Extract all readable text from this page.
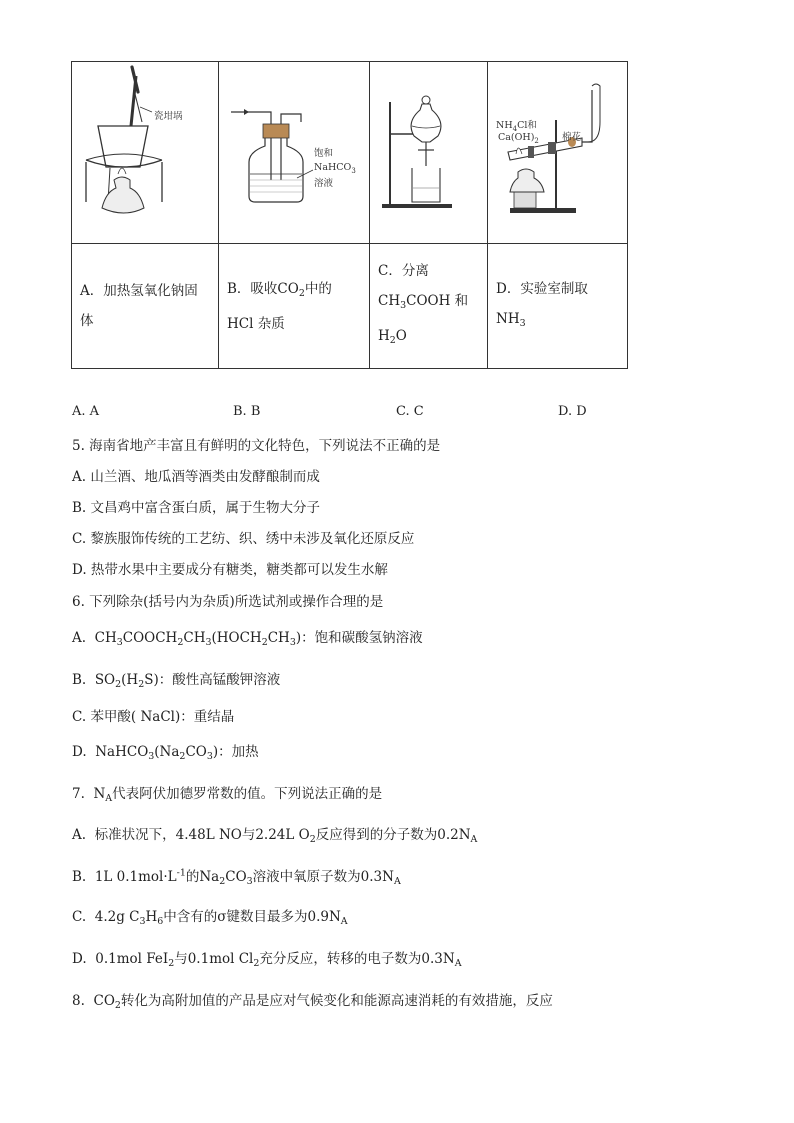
瓷坩埚	饱和
NaHCO$_3$
溶液		$NH_4Cl$和
$Ca(OH)_2$ 棉花

A．加热氢氧化钠固
体	B．吸收$CO_2$中的
HCl 杂质	C．分离
$CH_3COOH$ 和
$H_2O$	D．实验室制取
$NH_3$
A. A	B. B	C. C	D. D
5. 海南省地产丰富且有鲜明的文化特色，下列说法不正确的是
A. 山兰酒、地瓜酒等酒类由发酵酿制而成
B. 文昌鸡中富含蛋白质，属于生物大分子
C. 黎族服饰传统的工艺纺、织、绣中未涉及氧化还原反应
D. 热带水果中主要成分有糖类，糖类都可以发生水解
6. 下列除杂(括号内为杂质)所选试剂或操作合理的是
A. $CH_3COOCH_2CH_3(HOCH_2CH_3)$：饱和碳酸氢钠溶液
B. $SO_2(H_2S)$：酸性高锰酸钾溶液
C. 苯甲酸( NaCl)：重结晶
D. $NaHCO_3(Na_2CO_3)$：加热
7. $N_A$代表阿伏加德罗常数的值。下列说法正确的是
A. 标准状况下，4.48L NO与2.24L $O_2$反应得到的分子数为$0.2N_A$
B. 1L $0.1mol\cdot L^{-1}$的$Na_2CO_3$溶液中氧原子数为$0.3N_A$
C. 4.2g $C_3H_6$中含有的σ键数目最多为$0.9N_A$
D. 0.1mol FeI$_2$与0.1mol $Cl_2$充分反应，转移的电子数为$0.3N_A$
8. $CO_2$转化为高附加值的产品是应对气候变化和能源高速消耗的有效措施，反应
